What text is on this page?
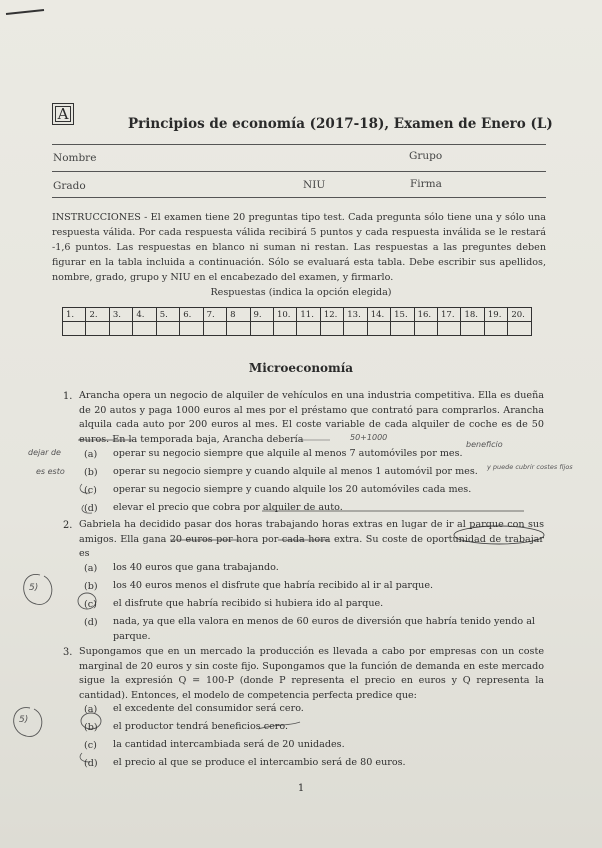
A
Principios de economía (2017-18), Examen de Enero (L)
Nombre	Grupo
Grado	NIU	Firma
INSTRUCCIONES - El examen tiene 20 preguntas tipo test. Cada pregunta sólo tiene una y sólo una respuesta válida. Por cada respuesta válida recibirá 5 puntos y cada respuesta inválida se le restará -1,6 puntos. Las respuestas en blanco ni suman ni restan. Las respuestas a las preguntes deben figurar en la tabla incluida a continuación. Sólo se evaluará esta tabla. Debe escribir sus apellidos, nombre, grado, grupo y NIU en el encabezado del examen, y firmarlo.
Respuestas (indica la opción elegida)
1.	2.	3.	4.	5.	6.	7.	8	9.	10.	11.	12.	13.	14.	15.	16.	17.	18.	19.	20.

Microeconomía
1. Arancha opera un negocio de alquiler de vehículos en una industria competitiva. Ella es dueña de 20 autos y paga 1000 euros al mes por el préstamo que contrató para comprarlos. Arancha alquila cada auto por 200 euros al mes. El coste variable de cada alquiler de coche es de 50 euros. En la temporada baja, Arancha debería
(a) operar su negocio siempre que alquile al menos 7 automóviles por mes.
(b) operar su negocio siempre y cuando alquile al menos 1 automóvil por mes.
(c) operar su negocio siempre y cuando alquile los 20 automóviles cada mes.
(d) elevar el precio que cobra por alquiler de auto.
2. Gabriela ha decidido pasar dos horas trabajando horas extras en lugar de ir al parque con sus amigos. Ella gana 20 euros por hora por cada hora extra. Su coste de oportunidad de trabajar es
(a) los 40 euros que gana trabajando.
(b) los 40 euros menos el disfrute que habría recibido al ir al parque.
(c) el disfrute que habría recibido si hubiera ido al parque.
(d) nada, ya que ella valora en menos de 60 euros de diversión que habría tenido yendo al parque.
3. Supongamos que en un mercado la producción es llevada a cabo por empresas con un coste marginal de 20 euros y sin coste fijo. Supongamos que la función de demanda en este mercado sigue la expresión Q = 100-P (donde P representa el precio en euros y Q representa la cantidad). Entonces, el modelo de competencia perfecta predice que:
(a) el excedente del consumidor será cero.
(b) el productor tendrá beneficios cero.
(c) la cantidad intercambiada será de 20 unidades.
(d) el precio al que se produce el intercambio será de 80 euros.
50+1000
beneficio
dejar de
es esto	y puede cubrir costes fijos
5)
5)
1
